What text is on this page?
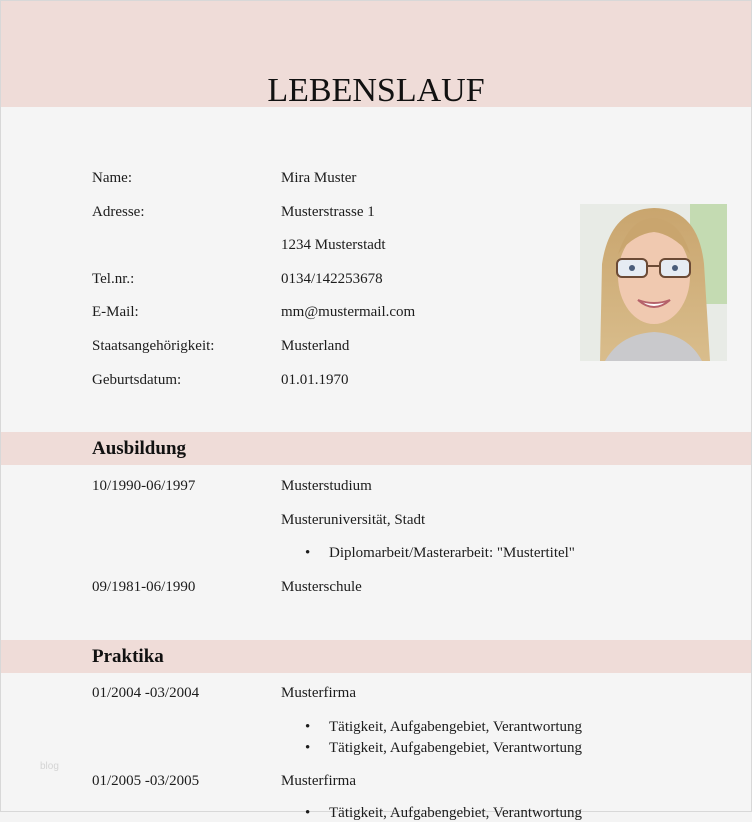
LEBENSLAUF
Name:	Mira Muster
Adresse:	Musterstrasse 1
1234 Musterstadt
Tel.nr.:	0134/142253678
E-Mail:	mm@mustermail.com
Staatsangehörigkeit:	Musterland
Geburtsdatum:	01.01.1970
Ausbildung
10/1990-06/1997	Musterstudium
Musteruniversität, Stadt
• Diplomarbeit/Masterarbeit: "Mustertitel"
09/1981-06/1990	Musterschule
Praktika
01/2004 -03/2004	Musterfirma
• Tätigkeit, Aufgabengebiet, Verantwortung
• Tätigkeit, Aufgabengebiet, Verantwortung
01/2005 -03/2005	Musterfirma
• Tätigkeit, Aufgabengebiet, Verantwortung
blog
